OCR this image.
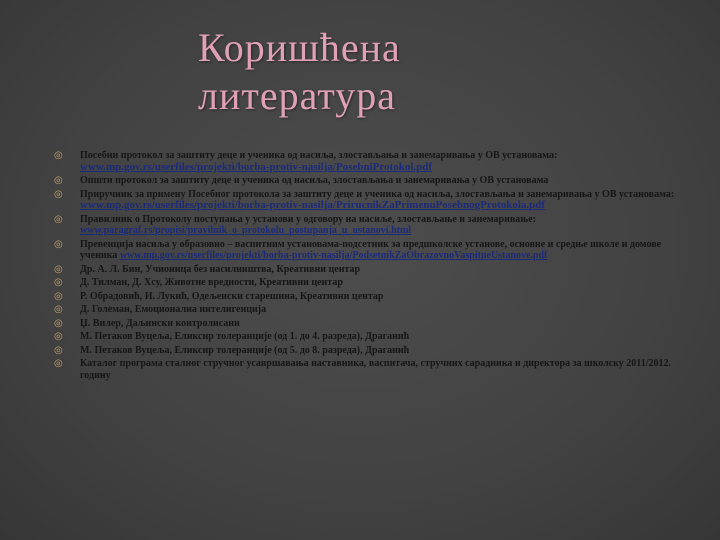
Коришћена
литература
◎ Посебни протокол за заштиту деце и ученика од насиља, злостављања и занемаривања у ОВ установама: www.mp.gov.rs/userfiles/projekti/borba-protiv-nasilja/PosebniProtokol.pdf
◎ Општи протокол за заштиту деце и ученика од насиља, злостављања и занемаривања у ОВ установама
◎ Приручник за примену Посебног протокола за заштиту деце и ученика од насиља, злостављања и занемаривања у ОВ установама: www.mp.gov.rs/userfiles/projekti/borba-protiv-nasilja/PrirucnikZaPrimenuPosebnogProtokola.pdf
◎ Правилник о Протоколу поступања у установи у одговору на насиље, злостављање и занемаривање: www.paragraf.rs/propisi/pravilnik_o_protokolu_postupanja_u_ustanovi.html
◎ Превенција насиља у образовно – васпитним установама-подсетник за предшколске установе, основне и средње школе и домове ученика www.mp.gov.rs/userfiles/projekti/borba-protiv-nasilja/PodsetnikZaObrazovnoVaspitneUstanove.pdf
◎ Др. А. Л. Бин, Учионица без насилништва, Креативни центар
◎ Д. Тилман, Д. Хсу, Животне вредности, Креативни центар
◎ Р. Обрадовић, И. Лукић, Одељенски старешина, Креативни центар
◎ Д. Големан, Емоционална интелигенција
◎ Џ. Вилер, Даљински контролисани
◎ М. Петаков Вуцеља, Еликсир толеранције (од 1. до 4. разреда), Драганић
◎ М. Петаков Вуцеља, Еликсир толеранције (од 5. до 8. разреда), Драганић
◎ Каталог програма сталног стручног усавршавања наставника, васпитача, стручних сарадника и директора за школску 2011/2012. годину
